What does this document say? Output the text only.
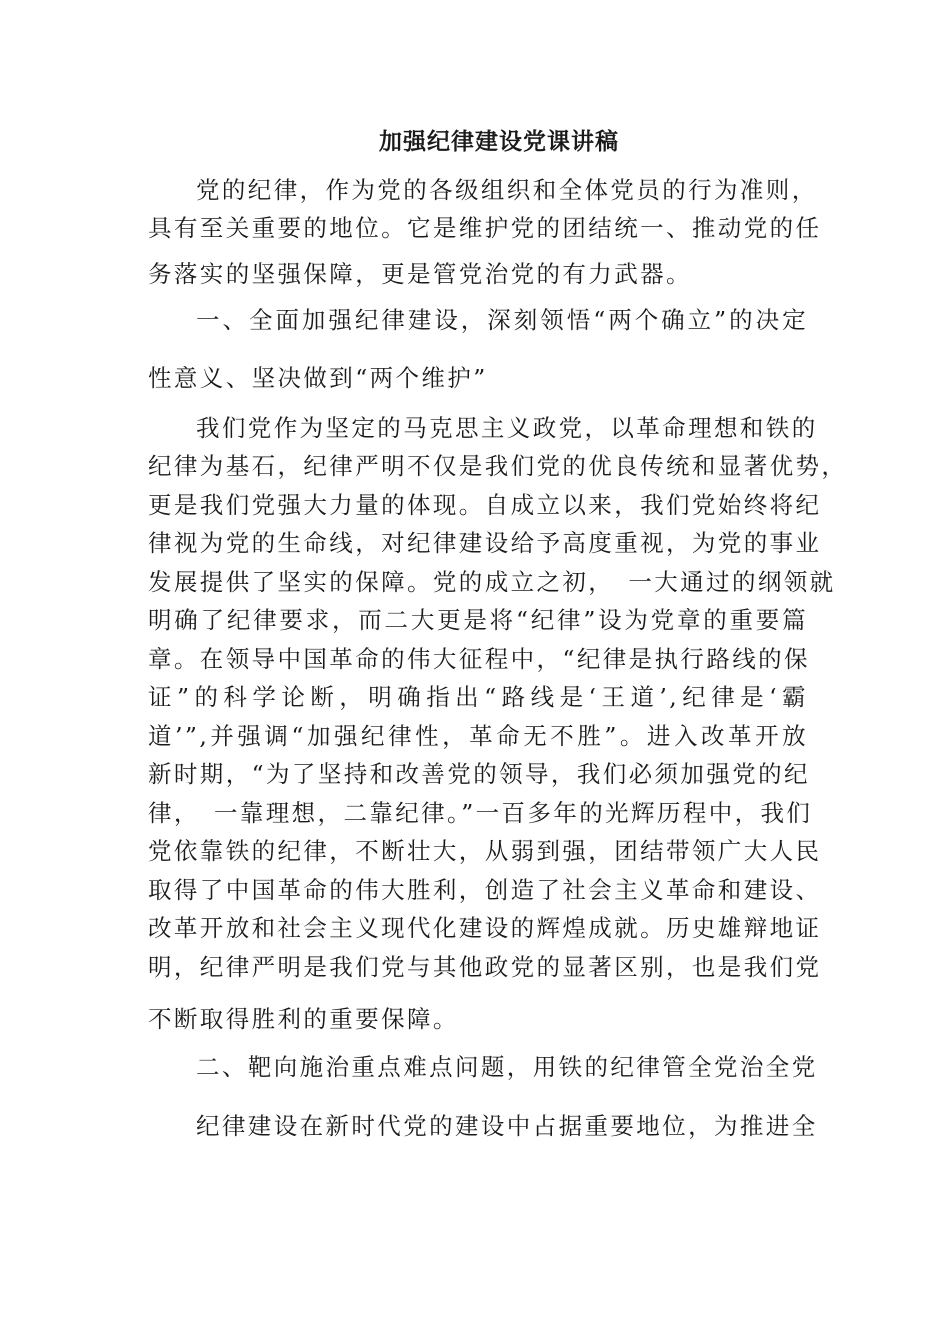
加强纪律建设党课讲稿
党的纪律，作为党的各级组织和全体党员的行为准则，
具有至关重要的地位。它是维护党的团结统一、推动党的任
务落实的坚强保障，更是管党治党的有力武器。
一、全面加强纪律建设，深刻领悟“两个确立”的决定
性意义、坚决做到“两个维护”
我们党作为坚定的马克思主义政党，以革命理想和铁的
纪律为基石，纪律严明不仅是我们党的优良传统和显著优势，
更是我们党强大力量的体现。自成立以来，我们党始终将纪
律视为党的生命线，对纪律建设给予高度重视，为党的事业
发展提供了坚实的保障。党的成立之初，　一大通过的纲领就
明确了纪律要求，而二大更是将“纪律”设为党章的重要篇
章。在领导中国革命的伟大征程中，“纪律是执行路线的保
证”的科学论断，明确指出“路线是‘王道’,纪律是‘霸
道’”,并强调“加强纪律性，革命无不胜”。进入改革开放
新时期，“为了坚持和改善党的领导，我们必须加强党的纪
律，　一靠理想，二靠纪律。”一百多年的光辉历程中，我们
党依靠铁的纪律，不断壮大，从弱到强，团结带领广大人民
取得了中国革命的伟大胜利，创造了社会主义革命和建设、
改革开放和社会主义现代化建设的辉煌成就。历史雄辩地证
明，纪律严明是我们党与其他政党的显著区别，也是我们党
不断取得胜利的重要保障。
二、靶向施治重点难点问题，用铁的纪律管全党治全党
纪律建设在新时代党的建设中占据重要地位，为推进全
